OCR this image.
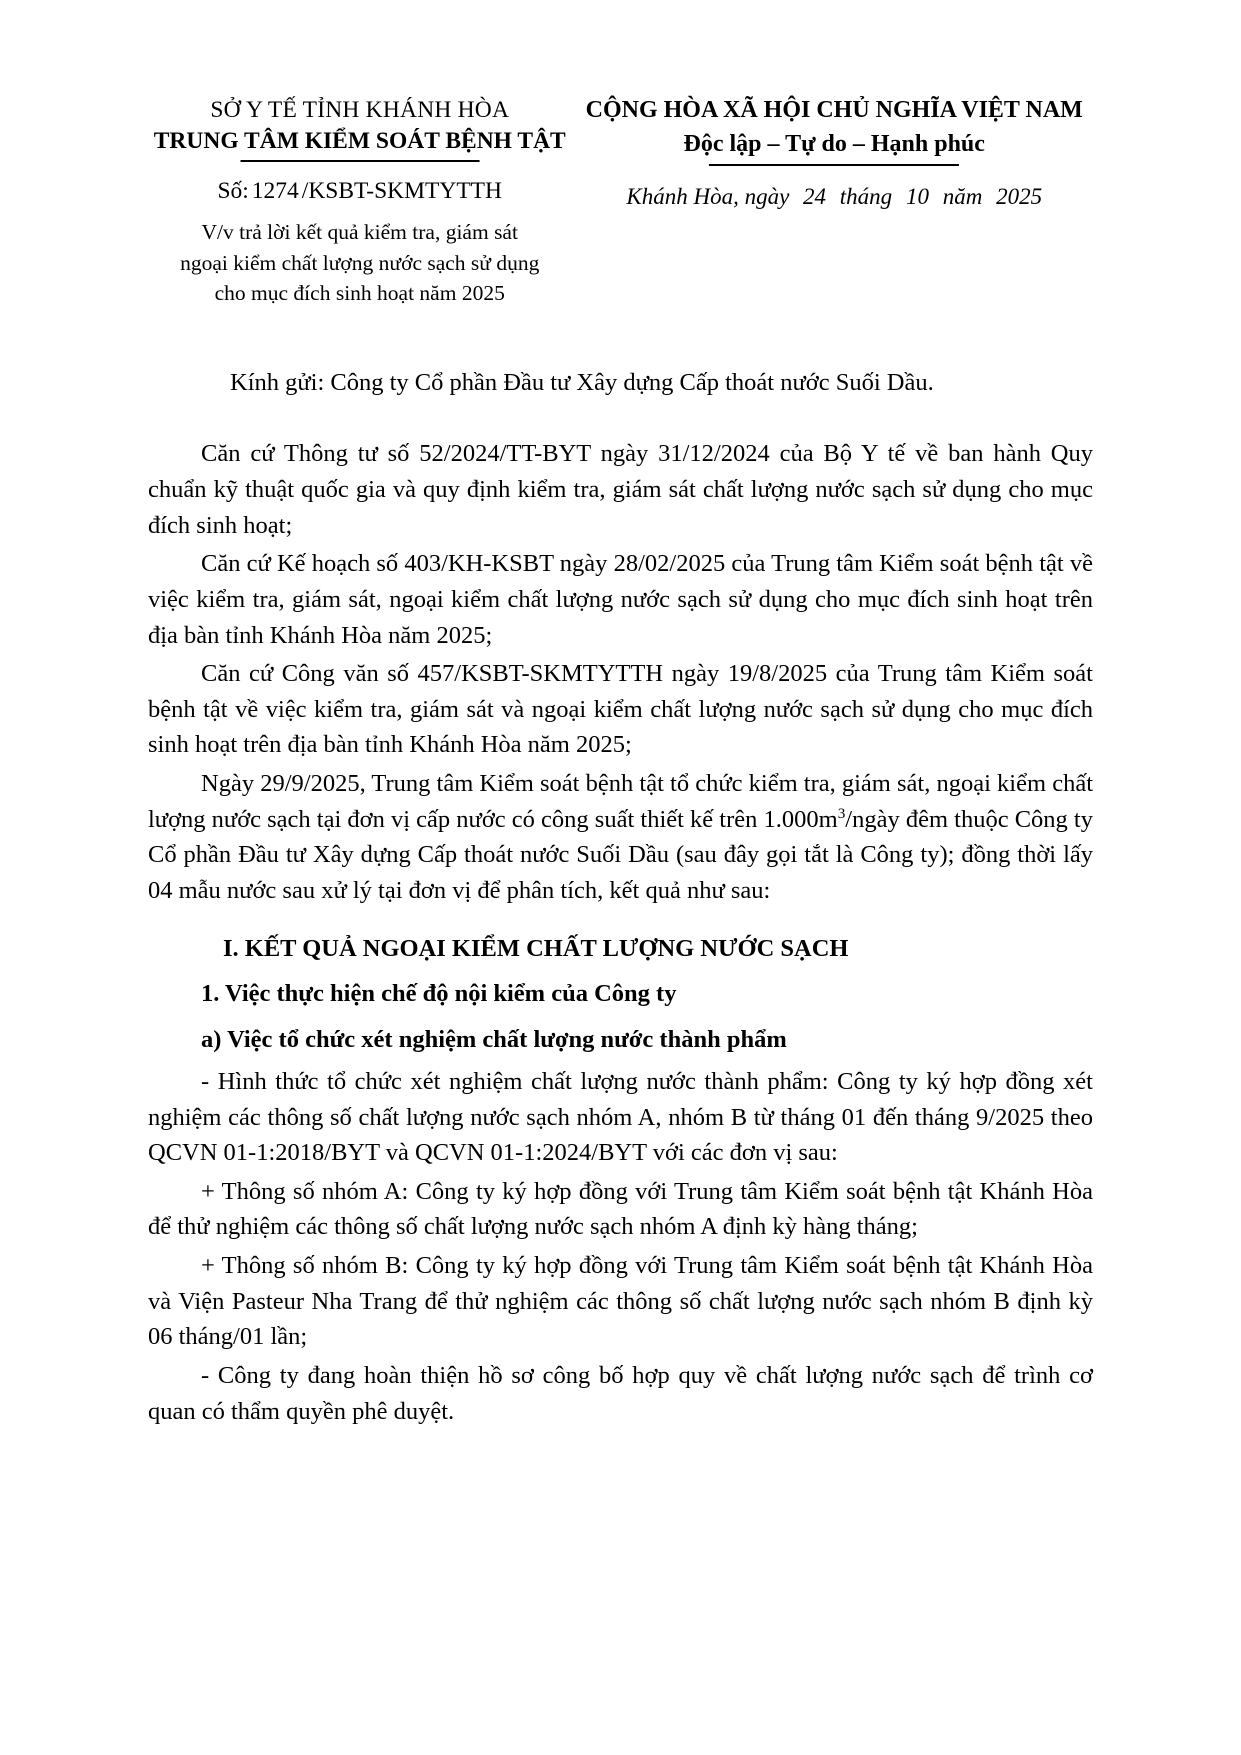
SỞ Y TẾ TỈNH KHÁNH HÒA
TRUNG TÂM KIỂM SOÁT BỆNH TẬT
Số: 1274 /KSBT-SKMTYTTH
V/v trả lời kết quả kiểm tra, giám sát
ngoại kiểm chất lượng nước sạch sử dụng
cho mục đích sinh hoạt năm 2025
CỘNG HÒA XÃ HỘI CHỦ NGHĨA VIỆT NAM
Độc lập – Tự do – Hạnh phúc
Khánh Hòa, ngày 24 tháng 10 năm 2025

Kính gửi: Công ty Cổ phần Đầu tư Xây dựng Cấp thoát nước Suối Dầu.

Căn cứ Thông tư số 52/2024/TT-BYT ngày 31/12/2024 của Bộ Y tế về ban hành Quy chuẩn kỹ thuật quốc gia và quy định kiểm tra, giám sát chất lượng nước sạch sử dụng cho mục đích sinh hoạt;

Căn cứ Kế hoạch số 403/KH-KSBT ngày 28/02/2025 của Trung tâm Kiểm soát bệnh tật về việc kiểm tra, giám sát, ngoại kiểm chất lượng nước sạch sử dụng cho mục đích sinh hoạt trên địa bàn tỉnh Khánh Hòa năm 2025;

Căn cứ Công văn số 457/KSBT-SKMTYTTH ngày 19/8/2025 của Trung tâm Kiểm soát bệnh tật về việc kiểm tra, giám sát và ngoại kiểm chất lượng nước sạch sử dụng cho mục đích sinh hoạt trên địa bàn tỉnh Khánh Hòa năm 2025;

Ngày 29/9/2025, Trung tâm Kiểm soát bệnh tật tổ chức kiểm tra, giám sát, ngoại kiểm chất lượng nước sạch tại đơn vị cấp nước có công suất thiết kế trên $1.000m^3$/ngày đêm thuộc Công ty Cổ phần Đầu tư Xây dựng Cấp thoát nước Suối Dầu (sau đây gọi tắt là Công ty); đồng thời lấy 04 mẫu nước sau xử lý tại đơn vị để phân tích, kết quả như sau:

I. KẾT QUẢ NGOẠI KIỂM CHẤT LƯỢNG NƯỚC SẠCH

1. Việc thực hiện chế độ nội kiểm của Công ty

a) Việc tổ chức xét nghiệm chất lượng nước thành phẩm

- Hình thức tổ chức xét nghiệm chất lượng nước thành phẩm: Công ty ký hợp đồng xét nghiệm các thông số chất lượng nước sạch nhóm A, nhóm B từ tháng 01 đến tháng 9/2025 theo QCVN 01-1:2018/BYT và QCVN 01-1:2024/BYT với các đơn vị sau:

+ Thông số nhóm A: Công ty ký hợp đồng với Trung tâm Kiểm soát bệnh tật Khánh Hòa để thử nghiệm các thông số chất lượng nước sạch nhóm A định kỳ hàng tháng;

+ Thông số nhóm B: Công ty ký hợp đồng với Trung tâm Kiểm soát bệnh tật Khánh Hòa và Viện Pasteur Nha Trang để thử nghiệm các thông số chất lượng nước sạch nhóm B định kỳ 06 tháng/01 lần;

- Công ty đang hoàn thiện hồ sơ công bố hợp quy về chất lượng nước sạch để trình cơ quan có thẩm quyền phê duyệt.
